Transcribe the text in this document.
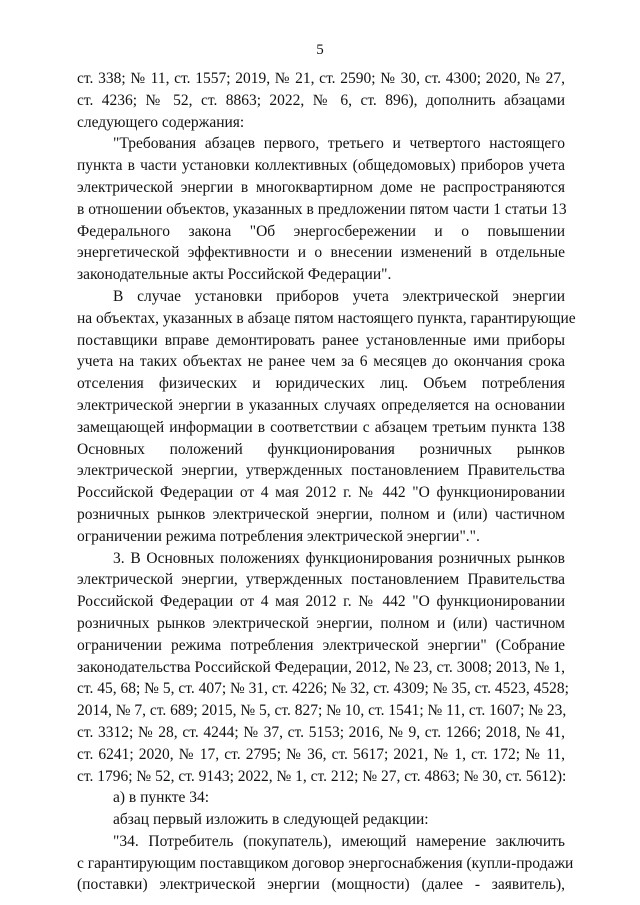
5
ст. 338; № 11, ст. 1557; 2019, № 21, ст. 2590; № 30, ст. 4300; 2020, № 27,
ст. 4236; № 52, ст. 8863; 2022, № 6, ст. 896), дополнить абзацами
следующего содержания:
"Требования абзацев первого, третьего и четвертого настоящего
пункта в части установки коллективных (общедомовых) приборов учета
электрической энергии в многоквартирном доме не распространяются
в отношении объектов, указанных в предложении пятом части 1 статьи 13
Федерального закона "Об энергосбережении и о повышении
энергетической эффективности и о внесении изменений в отдельные
законодательные акты Российской Федерации".
В случае установки приборов учета электрической энергии
на объектах, указанных в абзаце пятом настоящего пункта, гарантирующие
поставщики вправе демонтировать ранее установленные ими приборы
учета на таких объектах не ранее чем за 6 месяцев до окончания срока
отселения физических и юридических лиц. Объем потребления
электрической энергии в указанных случаях определяется на основании
замещающей информации в соответствии с абзацем третьим пункта 138
Основных положений функционирования розничных рынков
электрической энергии, утвержденных постановлением Правительства
Российской Федерации от 4 мая 2012 г. № 442 "О функционировании
розничных рынков электрической энергии, полном и (или) частичном
ограничении режима потребления электрической энергии".".
3. В Основных положениях функционирования розничных рынков
электрической энергии, утвержденных постановлением Правительства
Российской Федерации от 4 мая 2012 г. № 442 "О функционировании
розничных рынков электрической энергии, полном и (или) частичном
ограничении режима потребления электрической энергии" (Собрание
законодательства Российской Федерации, 2012, № 23, ст. 3008; 2013, № 1,
ст. 45, 68; № 5, ст. 407; № 31, ст. 4226; № 32, ст. 4309; № 35, ст. 4523, 4528;
2014, № 7, ст. 689; 2015, № 5, ст. 827; № 10, ст. 1541; № 11, ст. 1607; № 23,
ст. 3312; № 28, ст. 4244; № 37, ст. 5153; 2016, № 9, ст. 1266; 2018, № 41,
ст. 6241; 2020, № 17, ст. 2795; № 36, ст. 5617; 2021, № 1, ст. 172; № 11,
ст. 1796; № 52, ст. 9143; 2022, № 1, ст. 212; № 27, ст. 4863; № 30, ст. 5612):
а) в пункте 34:
абзац первый изложить в следующей редакции:
"34. Потребитель (покупатель), имеющий намерение заключить
с гарантирующим поставщиком договор энергоснабжения (купли-продажи
(поставки) электрической энергии (мощности) (далее - заявитель),
